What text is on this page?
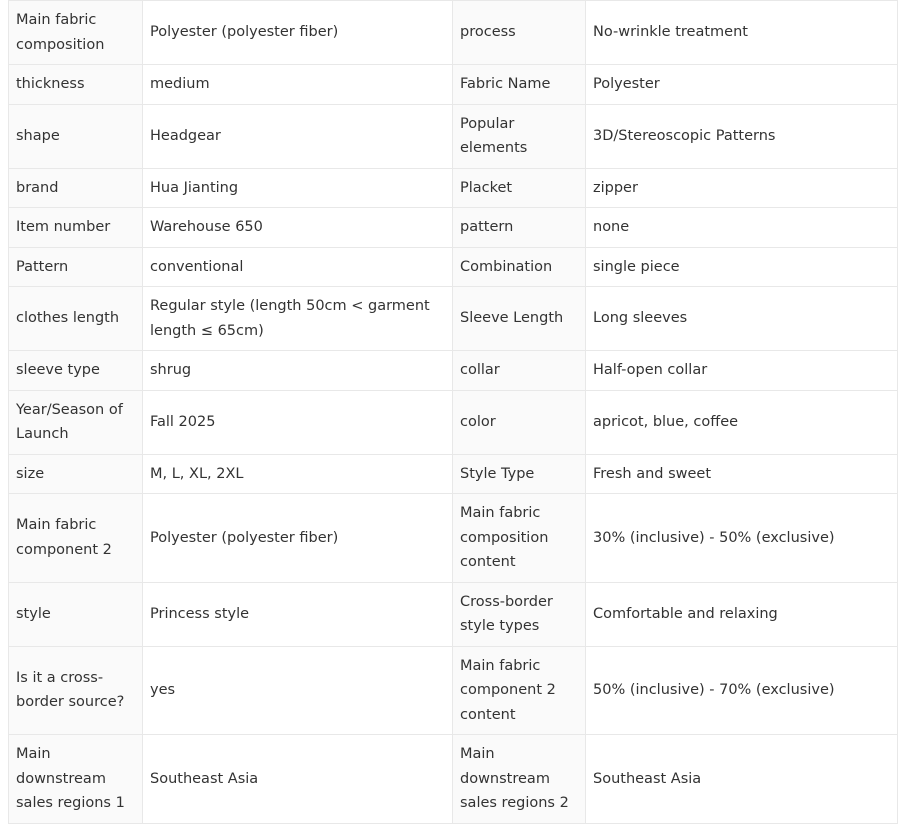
Main fabric composition	Polyester (polyester fiber)	process	No-wrinkle treatment
thickness	medium	Fabric Name	Polyester
shape	Headgear	Popular elements	3D/Stereoscopic Patterns
brand	Hua Jianting	Placket	zipper
Item number	Warehouse 650	pattern	none
Pattern	conventional	Combination	single piece
clothes length	Regular style (length 50cm < garment length ≤ 65cm)	Sleeve Length	Long sleeves
sleeve type	shrug	collar	Half-open collar
Year/Season of Launch	Fall 2025	color	apricot, blue, coffee
size	M, L, XL, 2XL	Style Type	Fresh and sweet
Main fabric component 2	Polyester (polyester fiber)	Main fabric composition content	30% (inclusive) - 50% (exclusive)
style	Princess style	Cross-border style types	Comfortable and relaxing
Is it a cross-border source?	yes	Main fabric component 2 content	50% (inclusive) - 70% (exclusive)
Main downstream sales regions 1	Southeast Asia	Main downstream sales regions 2	Southeast Asia
